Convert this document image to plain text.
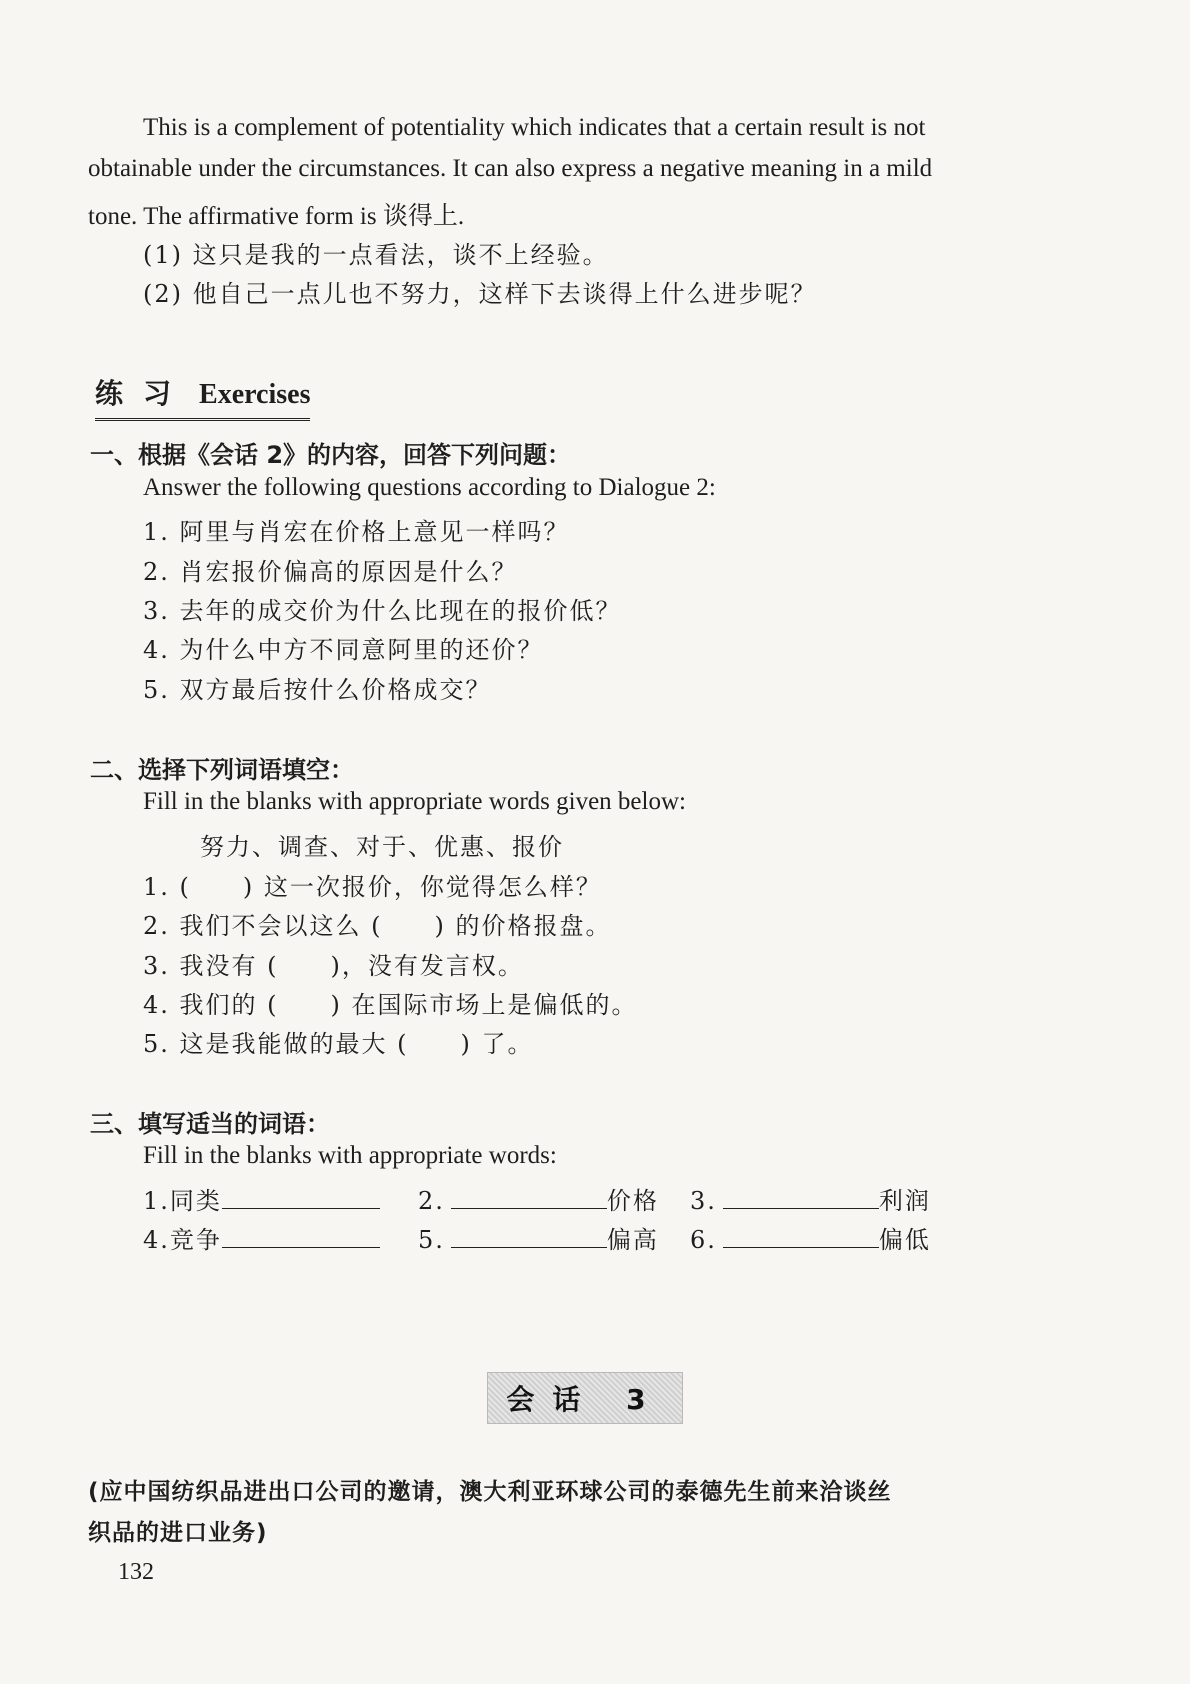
This is a complement of potentiality which indicates that a certain result is not
obtainable under the circumstances. It can also express a negative meaning in a mild
tone. The affirmative form is 谈得上.
(1) 这只是我的一点看法，谈不上经验。
(2) 他自己一点儿也不努力，这样下去谈得上什么进步呢？
练习 Exercises
一、根据《会话 2》的内容，回答下列问题：
Answer the following questions according to Dialogue 2:
1. 阿里与肖宏在价格上意见一样吗？
2. 肖宏报价偏高的原因是什么？
3. 去年的成交价为什么比现在的报价低？
4. 为什么中方不同意阿里的还价？
5. 双方最后按什么价格成交？
二、选择下列词语填空：
Fill in the blanks with appropriate words given below:
努力、调查、对于、优惠、报价
1. (　　) 这一次报价，你觉得怎么样？
2. 我们不会以这么 (　　) 的价格报盘。
3. 我没有 (　　)，没有发言权。
4. 我们的 (　　) 在国际市场上是偏低的。
5. 这是我能做的最大 (　　) 了。
三、填写适当的词语：
Fill in the blanks with appropriate words:
1.同类	2.	价格 3.	利润
4.竞争	5.	偏高 6.	偏低
会话 3
(应中国纺织品进出口公司的邀请，澳大利亚环球公司的泰德先生前来洽谈丝
织品的进口业务)
132
